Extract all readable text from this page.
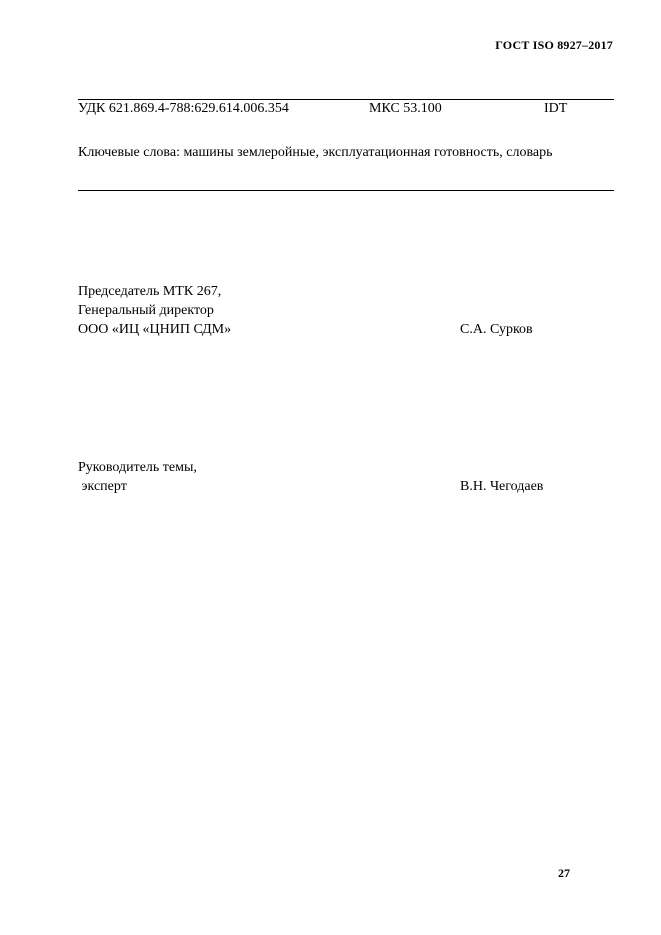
ГОСТ ISO 8927–2017
УДК 621.869.4-788:629.614.006.354	МКС 53.100	IDT
Ключевые слова: машины землеройные, эксплуатационная готовность, словарь
Председатель МТК 267,
Генеральный директор
ООО «ИЦ «ЦНИП СДМ»	С.А. Сурков
Руководитель темы,
эксперт	В.Н. Чегодаев
27
